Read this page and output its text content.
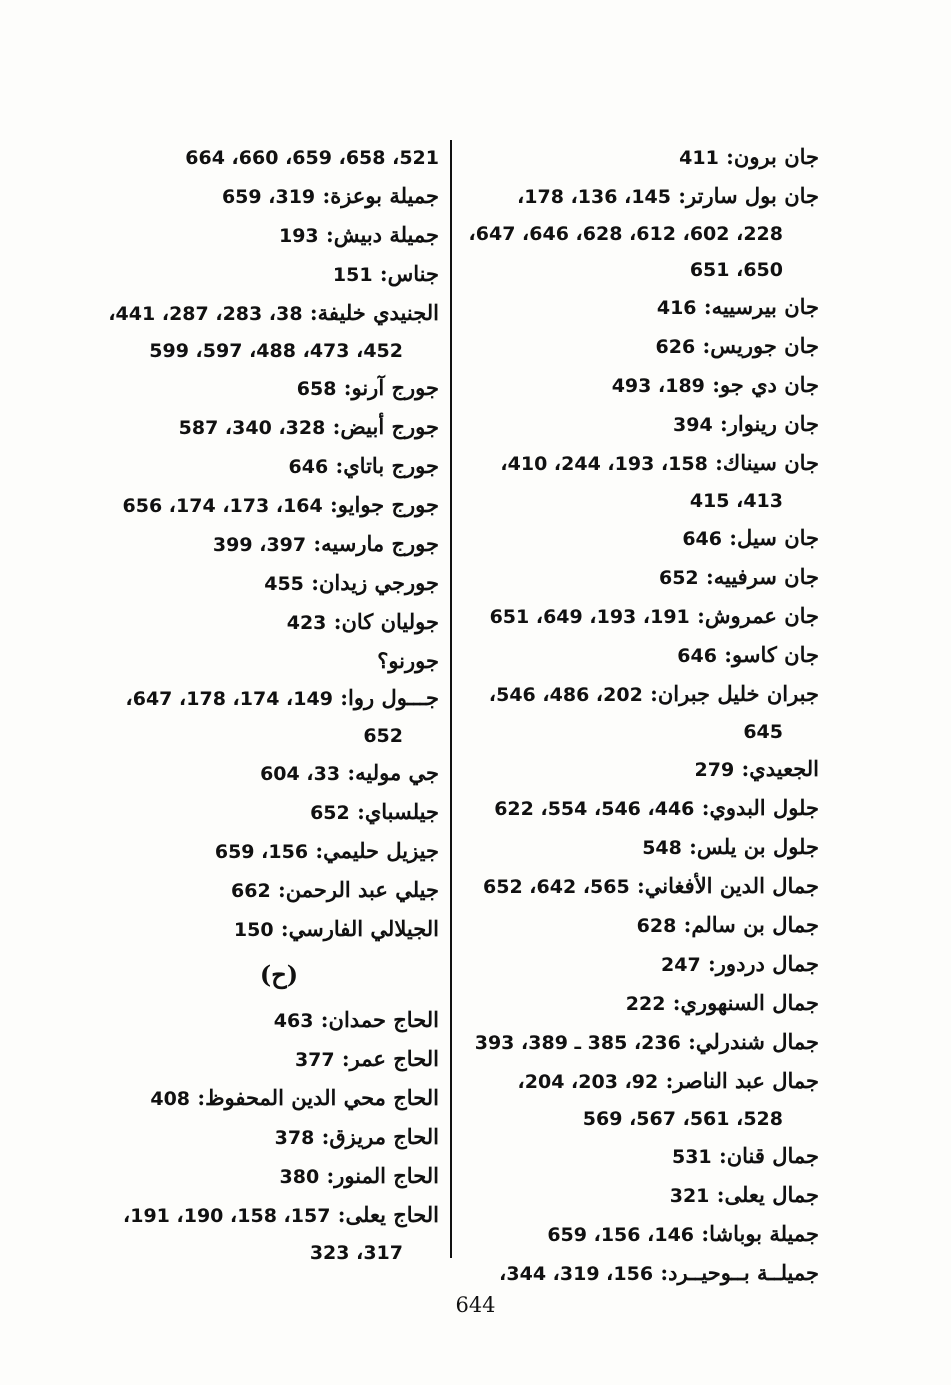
جان برون: 411
جان بول سارتر: 145، 136، 178،
228، 602، 612، 628، 646، 647،
650، 651
جان بيرسييه: 416
جان جوريس: 626
جان دي جو: 189، 493
جان رينوار: 394
جان سيناك: 158، 193، 244، 410،
413، 415
جان سيل: 646
جان سرفييه: 652
جان عمروش: 191، 193، 649، 651
جان كاسو: 646
جبران خليل جبران: 202، 486، 546،
645
الجعيدي: 279
جلول البدوي: 446، 546، 554، 622
جلول بن يلس: 548
جمال الدين الأفغاني: 565، 642، 652
جمال بن سالم: 628
جمال دردور: 247
جمال السنهوري: 222
جمال شندرلي: 236، 385 ـ 389، 393
جمال عبد الناصر: 92، 203، 204،
528، 561، 567، 569
جمال قنان: 531
جمال يعلى: 321
جميلة بوباشا: 146، 156، 659
جميلــة بــوحيــرد: 156، 319، 344،
521، 658، 659، 660، 664
جميلة بوعزة: 319، 659
جميلة دبيش: 193
جناس: 151
الجنيدي خليفة: 38، 283، 287، 441،
452، 473، 488، 597، 599
جورج آرنو: 658
جورج أبيض: 328، 340، 587
جورج باتاي: 646
جورج جوايو: 164، 173، 174، 656
جورج مارسيه: 397، 399
جورجي زيدان: 455
جوليان كان: 423
جورنو؟
جـــول روا: 149، 174، 178، 647،
652
جي موليه: 33، 604
جيلسباي: 652
جيزيل حليمي: 156، 659
جيلي عبد الرحمن: 662
الجيلالي الفارسي: 150
(ح)
الحاج حمدان: 463
الحاج عمر: 377
الحاج محي الدين المحفوظ: 408
الحاج مريزق: 378
الحاج المنور: 380
الحاج يعلى: 157، 158، 190، 191،
317، 323
644
